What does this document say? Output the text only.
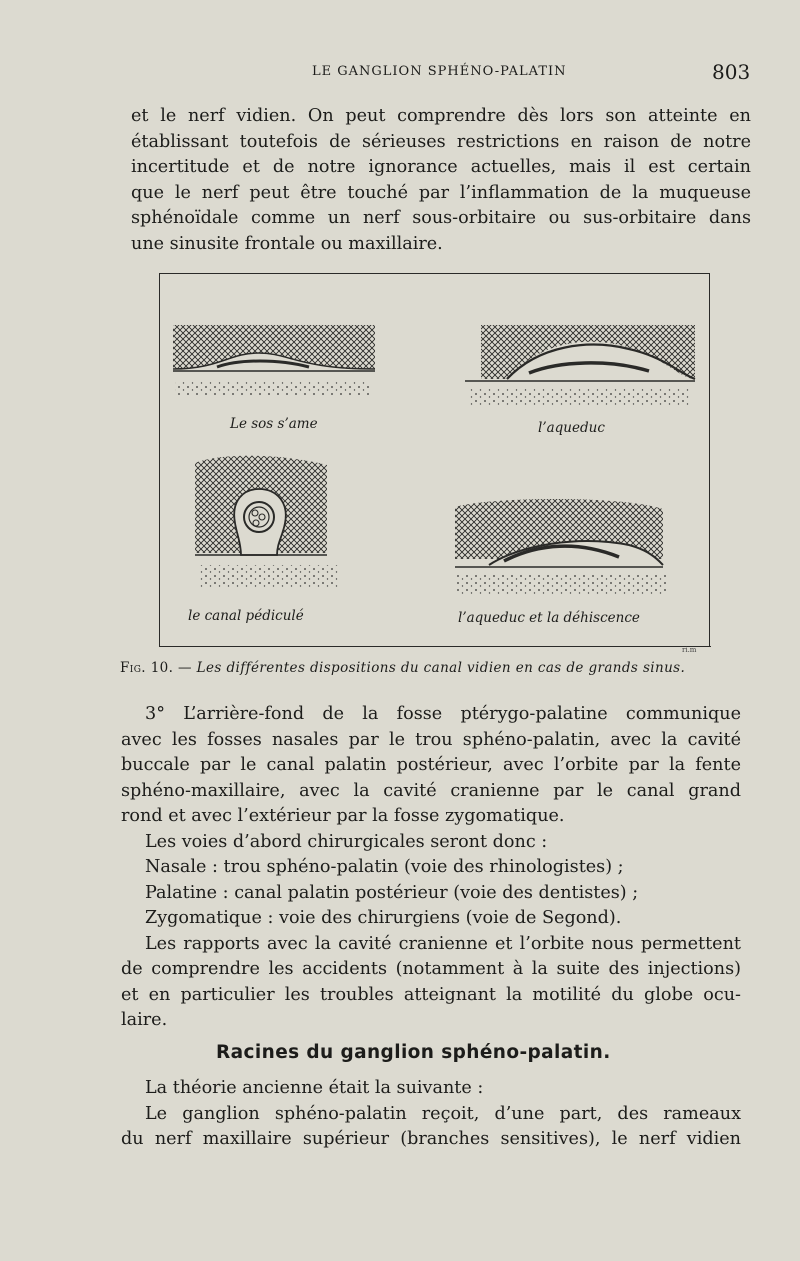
LE GANGLION SPHÉNO-PALATIN	803
et le nerf vidien. On peut comprendre dès lors son atteinte en
établissant toutefois de sérieuses restrictions en raison de notre
incertitude et de notre ignorance actuelles, mais il est certain
que le nerf peut être touché par l’inflammation de la muqueuse
sphénoïdale comme un nerf sous-orbitaire ou sus-orbitaire dans
une sinusite frontale ou maxillaire.
ri.m
Le sos s’ame	l’aqueduc
le canal pédiculé	l’aqueduc et la déhiscence
Fig. 10. — Les différentes dispositions du canal vidien en cas de grands sinus.
3° L’arrière-fond de la fosse ptérygo-palatine communique
avec les fosses nasales par le trou sphéno-palatin, avec la cavité
buccale par le canal palatin postérieur, avec l’orbite par la fente
sphéno-maxillaire, avec la cavité cranienne par le canal grand
rond et avec l’extérieur par la fosse zygomatique.
Les voies d’abord chirurgicales seront donc :
Nasale : trou sphéno-palatin (voie des rhinologistes) ;
Palatine : canal palatin postérieur (voie des dentistes) ;
Zygomatique : voie des chirurgiens (voie de Segond).
Les rapports avec la cavité cranienne et l’orbite nous permettent
de comprendre les accidents (notamment à la suite des injections)
et en particulier les troubles atteignant la motilité du globe ocu-
laire.
Racines du ganglion sphéno-palatin.
La théorie ancienne était la suivante :
Le ganglion sphéno-palatin reçoit, d’une part, des rameaux
du nerf maxillaire supérieur (branches sensitives), le nerf vidien
